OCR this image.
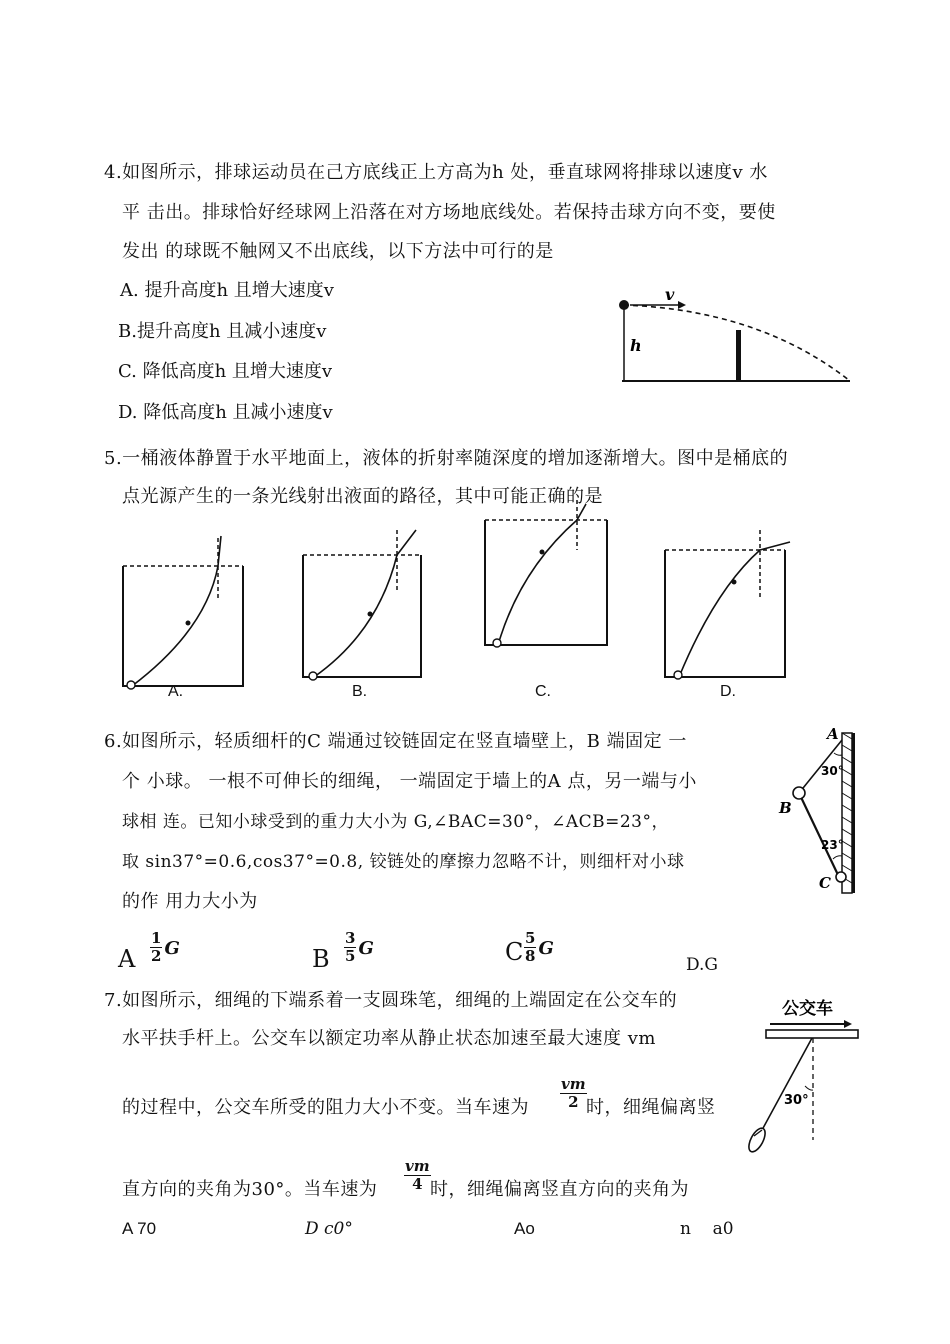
4.如图所示，排球运动员在己方底线正上方高为h 处，垂直球网将排球以速度v 水
平 击出。排球恰好经球网上沿落在对方场地底线处。若保持击球方向不变，要使
发出 的球既不触网又不出底线，以下方法中可行的是
A. 提升高度h 且增大速度v
B.提升高度h 且减小速度v
C. 降低高度h 且增大速度v
D. 降低高度h 且减小速度v
v
h
5.一桶液体静置于水平地面上，液体的折射率随深度的增加逐渐增大。图中是桶底的
点光源产生的一条光线射出液面的路径，其中可能正确的是
A.	B.	C.	D.
6.如图所示，轻质细杆的C 端通过铰链固定在竖直墙壁上，B 端固定 一
个 小球。 一根不可伸长的细绳， 一端固定于墙上的A 点，另一端与小
球相 连。已知小球受到的重力大小为 G,∠BAC=30°，∠ACB=23°，
取 sin37°=0.6,cos37°=0.8, 铰链处的摩擦力忽略不计，则细杆对小球
的作 用力大小为
A
B
C
30°
23°
A
1
2 G	B
3
5 G	C 5
8 G
D.G
7.如图所示，细绳的下端系着一支圆珠笔，细绳的上端固定在公交车的
水平扶手杆上。公交车以额定功率从静止状态加速至最大速度 vm
的过程中，公交车所受的阻力大小不变。当车速为
vm
2 时，细绳偏离竖
直方向的夹角为30°。当车速为
vm
4 时，细绳偏离竖直方向的夹角为
公交车
30°
A 70	D c0°	Ao	n    a0
